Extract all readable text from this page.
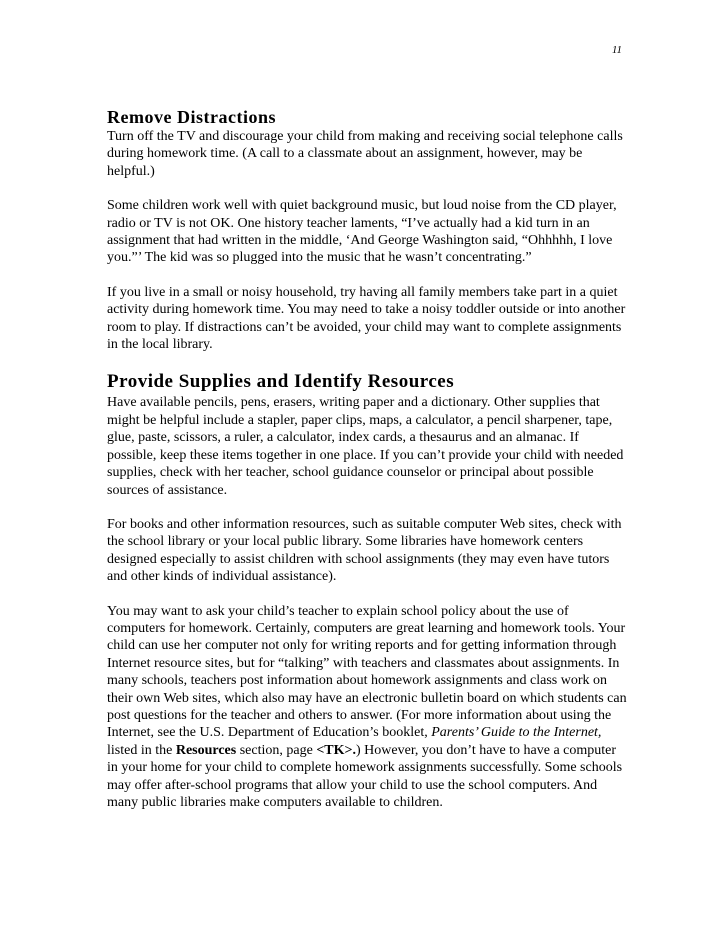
11
Remove Distractions

Turn off the TV and discourage your child from making and receiving social telephone calls during homework time. (A call to a classmate about an assignment, however, may be helpful.)

Some children work well with quiet background music, but loud noise from the CD player, radio or TV is not OK. One history teacher laments, “I’ve actually had a kid turn in an assignment that had written in the middle, ‘And George Washington said, “Ohhhhh, I love you.”’ The kid was so plugged into the music that he wasn’t concentrating.”

If you live in a small or noisy household, try having all family members take part in a quiet activity during homework time. You may need to take a noisy toddler outside or into another room to play. If distractions can’t be avoided, your child may want to complete assignments in the local library.

Provide Supplies and Identify Resources

Have available pencils, pens, erasers, writing paper and a dictionary. Other supplies that might be helpful include a stapler, paper clips, maps, a calculator, a pencil sharpener, tape, glue, paste, scissors, a ruler, a calculator, index cards, a thesaurus and an almanac. If possible, keep these items together in one place. If you can’t provide your child with needed supplies, check with her teacher, school guidance counselor or principal about possible sources of assistance.

For books and other information resources, such as suitable computer Web sites, check with the school library or your local public library. Some libraries have homework centers designed especially to assist children with school assignments (they may even have tutors and other kinds of individual assistance).

You may want to ask your child’s teacher to explain school policy about the use of computers for homework. Certainly, computers are great learning and homework tools. Your child can use her computer not only for writing reports and for getting information through Internet resource sites, but for “talking” with teachers and classmates about assignments. In many schools, teachers post information about homework assignments and class work on their own Web sites, which also may have an electronic bulletin board on which students can post questions for the teacher and others to answer. (For more information about using the Internet, see the U.S. Department of Education’s booklet, Parents’ Guide to the Internet, listed in the Resources section, page <TK>.) However, you don’t have to have a computer in your home for your child to complete homework assignments successfully. Some schools may offer after-school programs that allow your child to use the school computers. And many public libraries make computers available to children.
